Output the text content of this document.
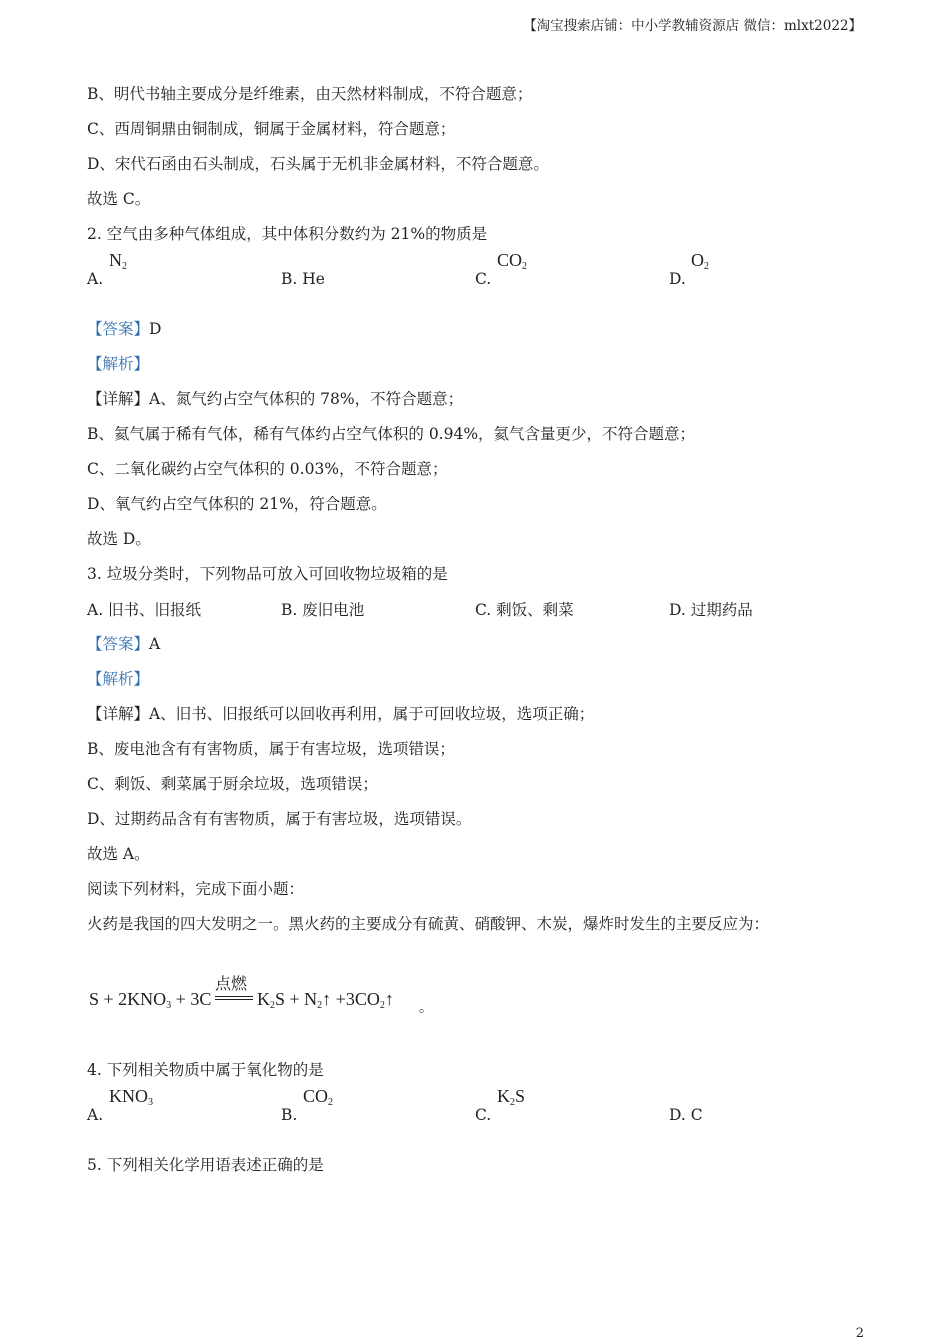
【淘宝搜索店铺：中小学教辅资源店 微信：mlxt2022】
B、明代书轴主要成分是纤维素，由天然材料制成，不符合题意；
C、西周铜鼎由铜制成，铜属于金属材料，符合题意；
D、宋代石函由石头制成，石头属于无机非金属材料，不符合题意。
故选 C。
2. 空气由多种气体组成，其中体积分数约为 21%的物质是
A.
$N_2$
B. He	C.
$CO_2$
D.
$O_2$
【答案】D
【解析】
【详解】A、氮气约占空气体积的 78%，不符合题意；
B、氦气属于稀有气体，稀有气体约占空气体积的 0.94%，氦气含量更少，不符合题意；
C、二氧化碳约占空气体积的 0.03%，不符合题意；
D、氧气约占空气体积的 21%，符合题意。
故选 D。
3. 垃圾分类时，下列物品可放入可回收物垃圾箱的是
A. 旧书、旧报纸	B. 废旧电池	C. 剩饭、剩菜	D. 过期药品
【答案】A
【解析】
【详解】A、旧书、旧报纸可以回收再利用，属于可回收垃圾，选项正确；
B、废电池含有有害物质，属于有害垃圾，选项错误；
C、剩饭、剩菜属于厨余垃圾，选项错误；
D、过期药品含有有害物质，属于有害垃圾，选项错误。
故选 A。
阅读下列材料，完成下面小题：
火药是我国的四大发明之一。黑火药的主要成分有硫黄、硝酸钾、木炭，爆炸时发生的主要反应为：
$S + 2KNO_3 + 3C$
点燃
$K_2S$ + $N_2↑$ $+3CO_2↑$ 。
4. 下列相关物质中属于氧化物的是
A.
$KNO_3$
B.
$CO_2$
C.
$K_2S$
D. C
5. 下列相关化学用语表述正确的是
2
